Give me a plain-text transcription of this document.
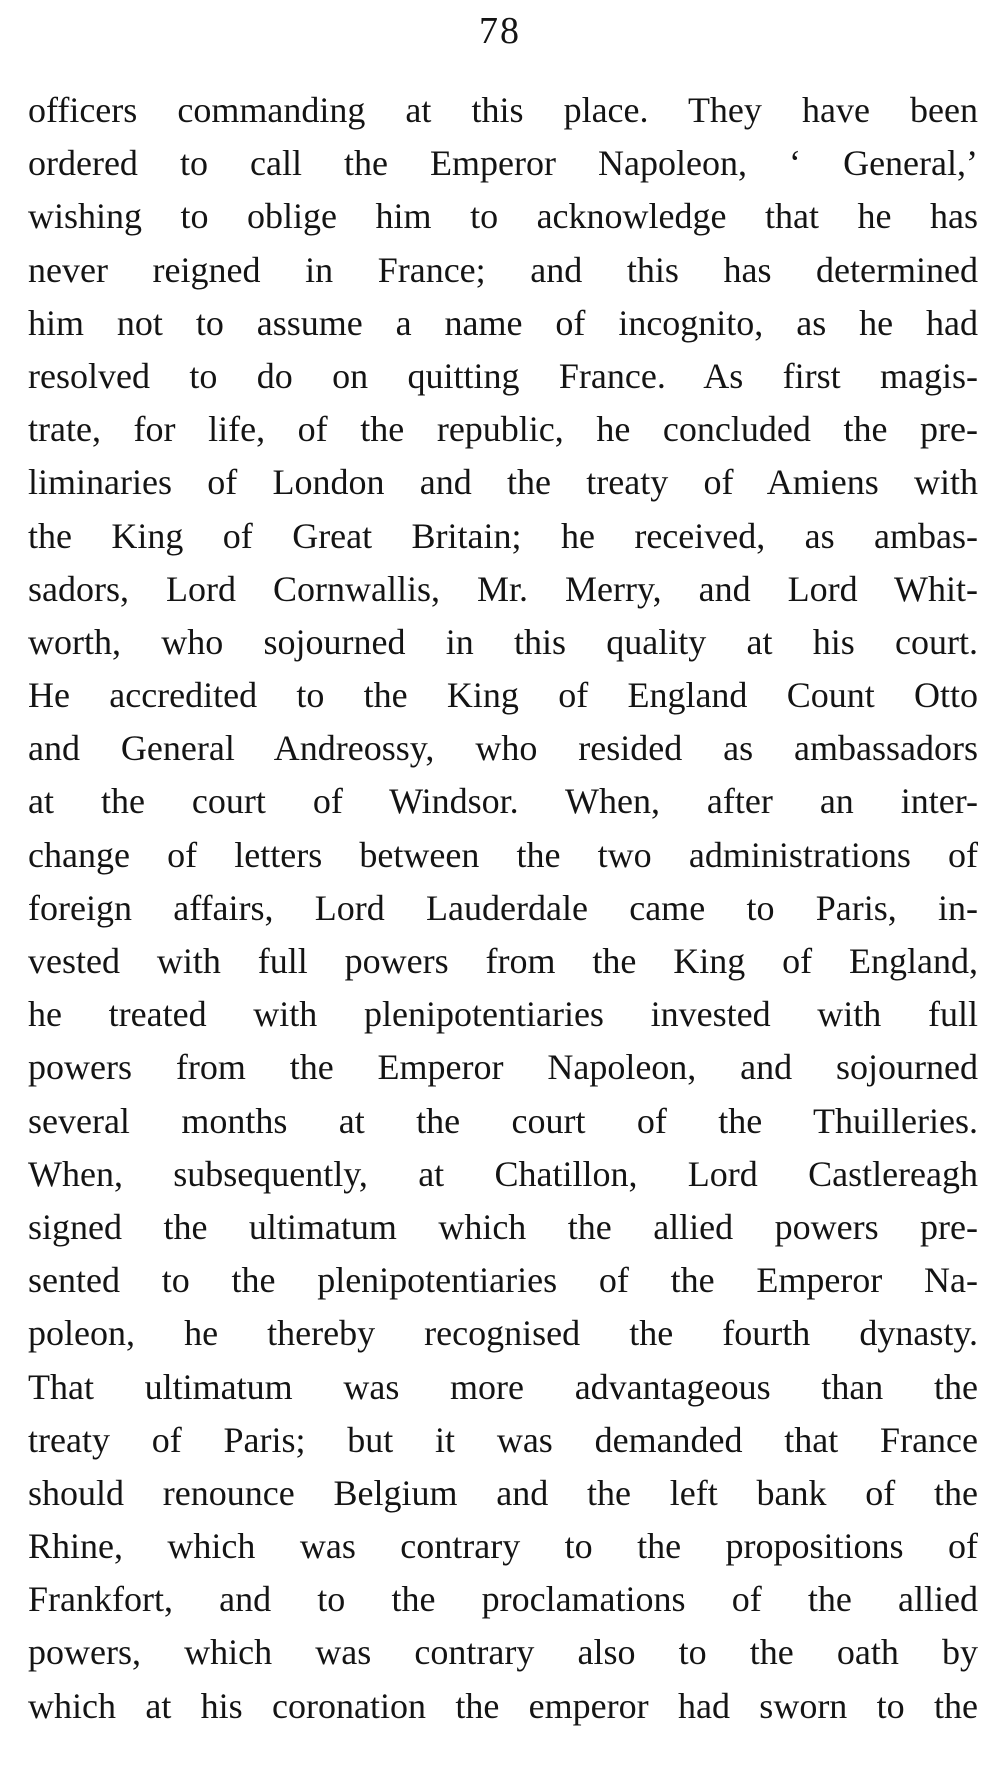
78
officers commanding at this place. They have been
ordered to call the Emperor Napoleon, ‘ General,’
wishing to oblige him to acknowledge that he has
never reigned in France; and this has determined
him not to assume a name of incognito, as he had
resolved to do on quitting France. As first magis-
trate, for life, of the republic, he concluded the pre-
liminaries of London and the treaty of Amiens with
the King of Great Britain; he received, as ambas-
sadors, Lord Cornwallis, Mr. Merry, and Lord Whit-
worth, who sojourned in this quality at his court.
He accredited to the King of England Count Otto
and General Andreossy, who resided as ambassadors
at the court of Windsor. When, after an inter-
change of letters between the two administrations of
foreign affairs, Lord Lauderdale came to Paris, in-
vested with full powers from the King of England,
he treated with plenipotentiaries invested with full
powers from the Emperor Napoleon, and sojourned
several months at the court of the Thuilleries.
When, subsequently, at Chatillon, Lord Castlereagh
signed the ultimatum which the allied powers pre-
sented to the plenipotentiaries of the Emperor Na-
poleon, he thereby recognised the fourth dynasty.
That ultimatum was more advantageous than the
treaty of Paris; but it was demanded that France
should renounce Belgium and the left bank of the
Rhine, which was contrary to the propositions of
Frankfort, and to the proclamations of the allied
powers, which was contrary also to the oath by
which at his coronation the emperor had sworn to the
